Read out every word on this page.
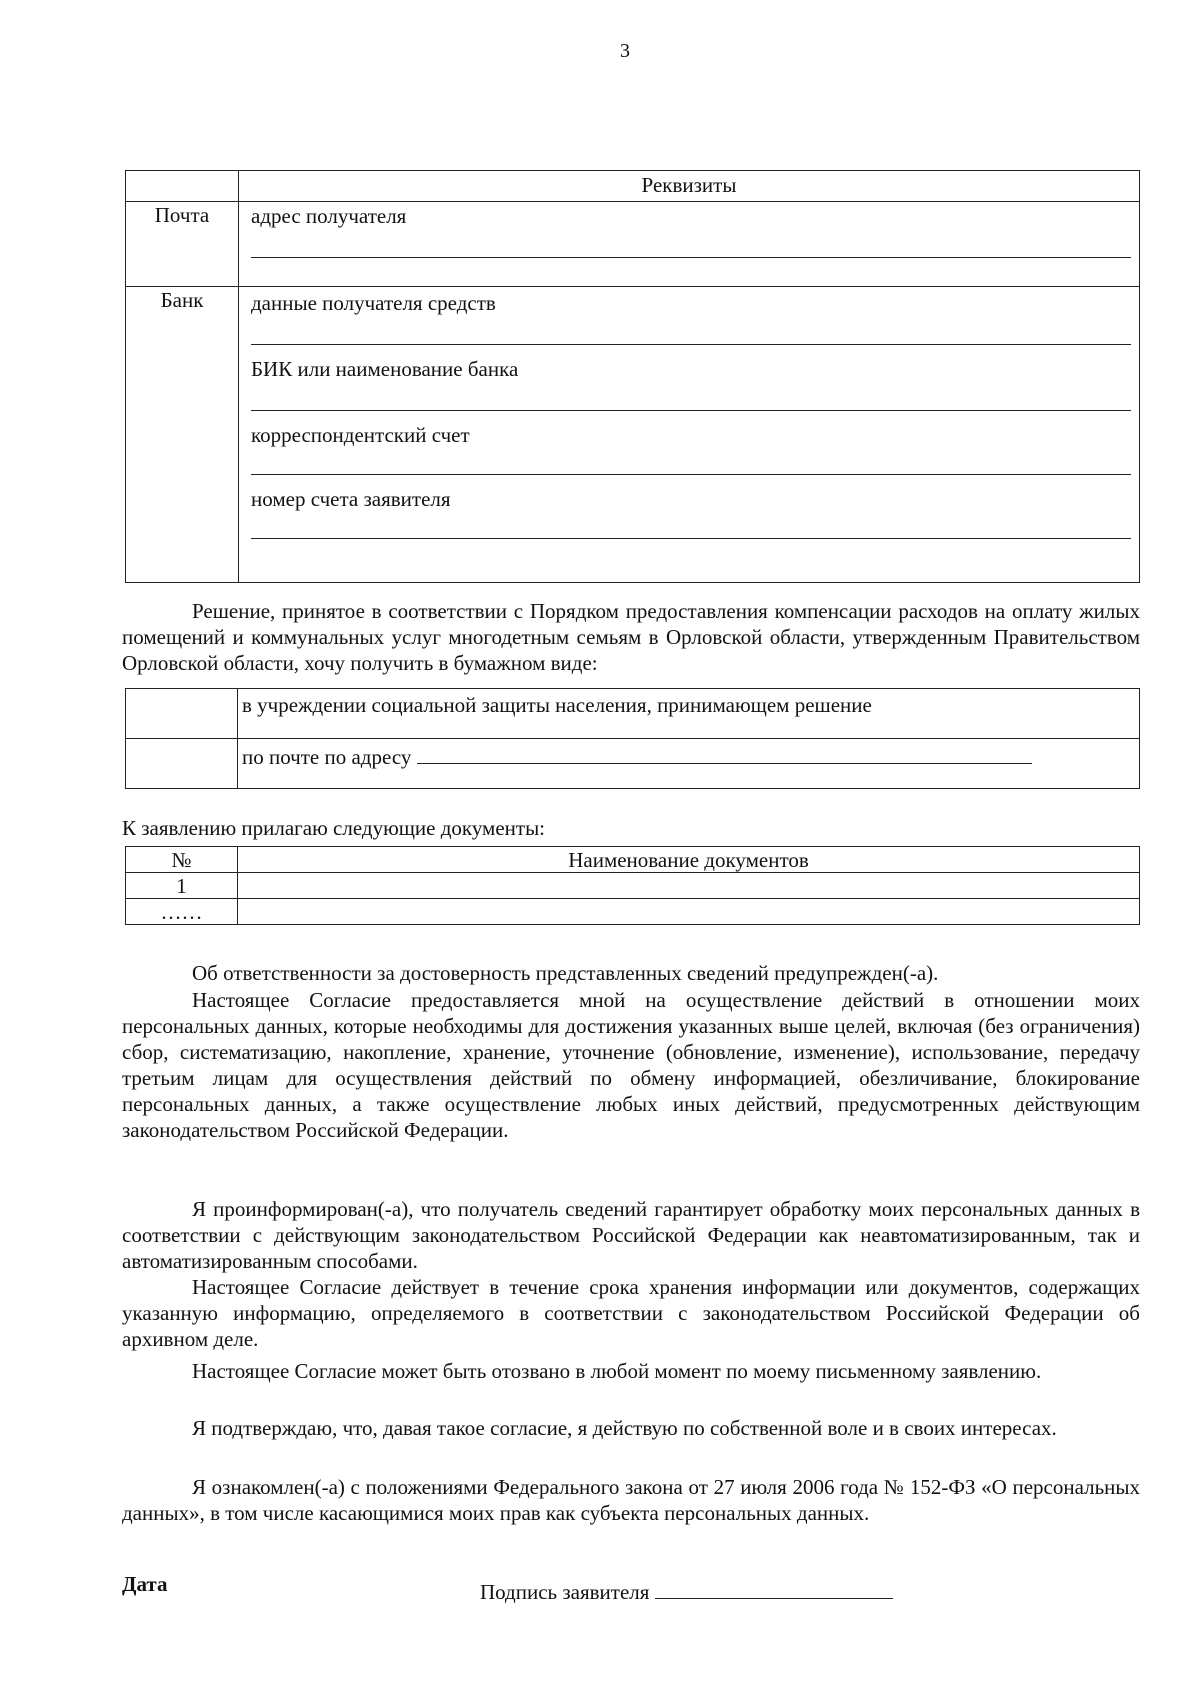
3
	Реквизиты

Почта	адрес получателя

Банк	данные получателя средств
БИК или наименование банка
корреспондентский счет
номер счета заявителя
Решение, принятое в соответствии с Порядком предоставления компенсации расходов на оплату жилых помещений и коммунальных услуг многодетным семьям в Орловской области, утвержденным Правительством Орловской области, хочу получить в бумажном виде:
	в учреждении социальной защиты населения, принимающем решение
	по почте по адресу
К заявлению прилагаю следующие документы:
№	Наименование документов
1	
……	
Об ответственности за достоверность представленных сведений предупрежден(-а).
Настоящее Согласие предоставляется мной на осуществление действий в отношении моих персональных данных, которые необходимы для достижения указанных выше целей, включая (без ограничения) сбор, систематизацию, накопление, хранение, уточнение (обновление, изменение), использование, передачу третьим лицам для осуществления действий по обмену информацией, обезличивание, блокирование персональных данных, а также осуществление любых иных действий, предусмотренных действующим законодательством Российской Федерации.
Я проинформирован(-а), что получатель сведений гарантирует обработку моих персональных данных в соответствии с действующим законодательством Российской Федерации как неавтоматизированным, так и автоматизированным способами.
Настоящее Согласие действует в течение срока хранения информации или документов, содержащих указанную информацию, определяемого в соответствии с законодательством Российской Федерации об архивном деле.
Настоящее Согласие может быть отозвано в любой момент по моему письменному заявлению.
Я подтверждаю, что, давая такое согласие, я действую по собственной воле и в своих интересах.
Я ознакомлен(-а) с положениями Федерального закона от 27 июля 2006 года № 152-ФЗ «О персональных данных», в том числе касающимися моих прав как субъекта персональных данных.
Дата	Подпись заявителя
